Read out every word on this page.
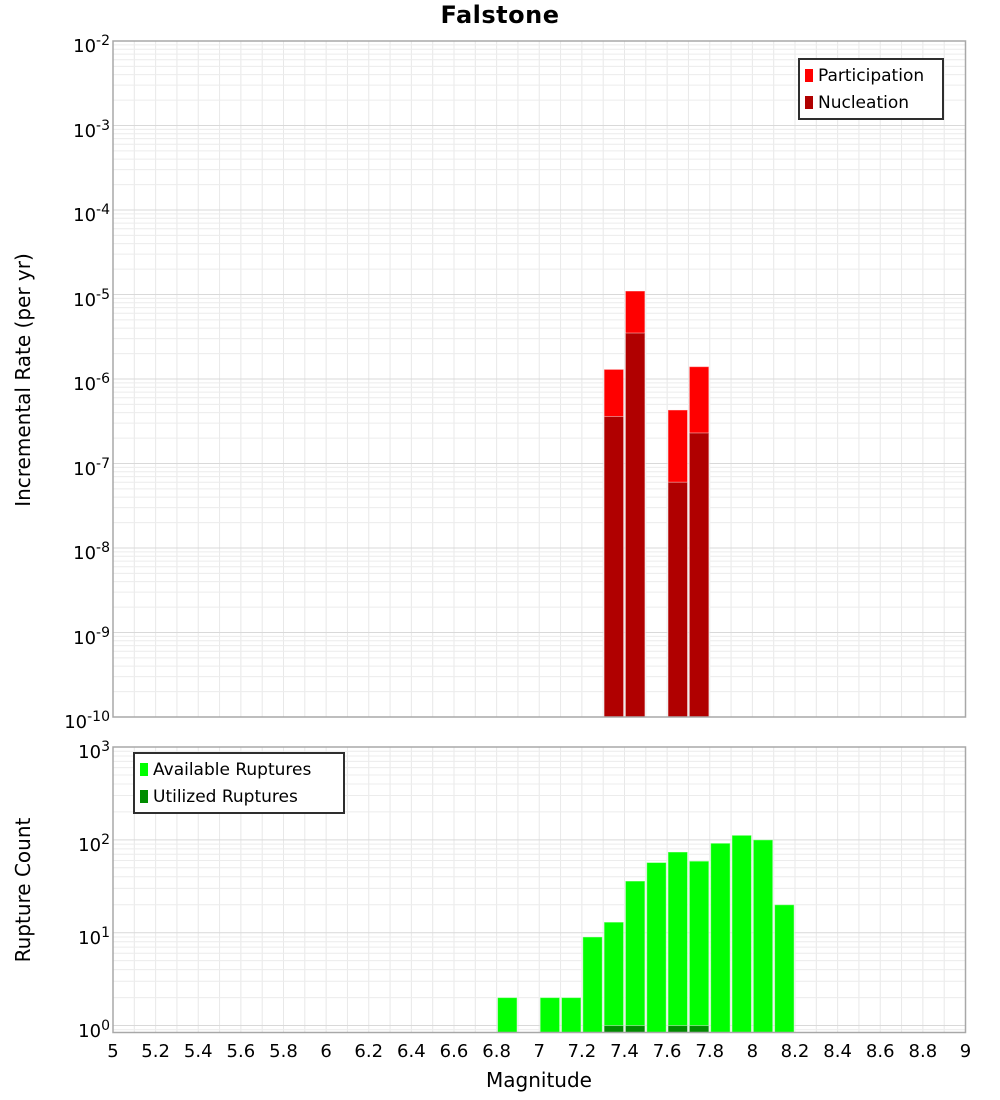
Falstone
Incremental Rate (per yr)
Rupture Count
Magnitude
Participation
Nucleation
Available Ruptures
Utilized Ruptures
$10^{-2}$
$10^{-3}$
$10^{-4}$
$10^{-5}$
$10^{-6}$
$10^{-7}$
$10^{-8}$
$10^{-9}$
$10^{-10}$
$10^3$
$10^2$
$10^1$
$10^0$
5	5.2 5.4 5.6 5.8	6	6.2 6.4 6.6 6.8	7	7.2 7.4 7.6 7.8	8	8.2 8.4 8.6 8.8	9
